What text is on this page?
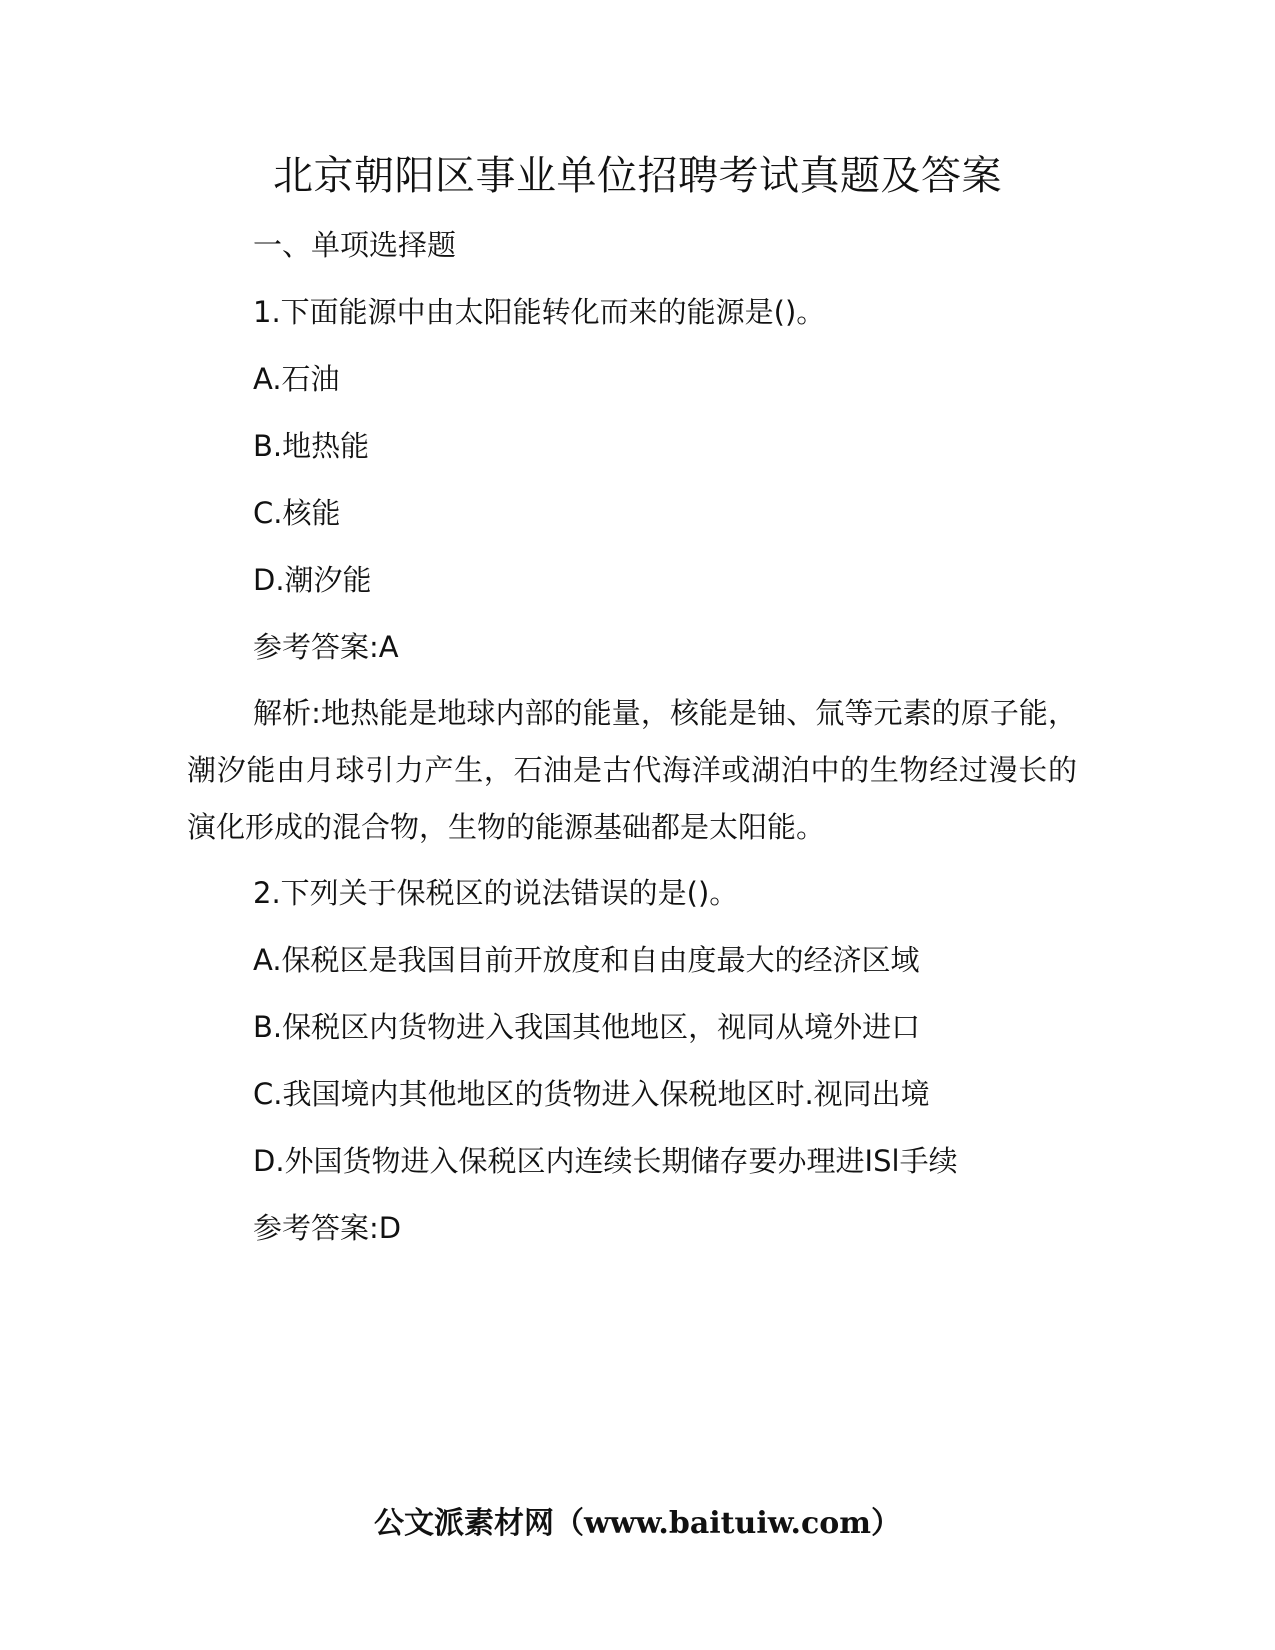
北京朝阳区事业单位招聘考试真题及答案

一、单项选择题

1.下面能源中由太阳能转化而来的能源是()。

A.石油

B.地热能

C.核能

D.潮汐能

参考答案:A

解析:地热能是地球内部的能量，核能是铀、氚等元素的原子能，潮汐能由月球引力产生，石油是古代海洋或湖泊中的生物经过漫长的演化形成的混合物，生物的能源基础都是太阳能。

2.下列关于保税区的说法错误的是()。

A.保税区是我国目前开放度和自由度最大的经济区域

B.保税区内货物进入我国其他地区，视同从境外进口

C.我国境内其他地区的货物进入保税地区时.视同出境

D.外国货物进入保税区内连续长期储存要办理进ISl手续

参考答案:D

公文派素材网（www.baituiw.com）
